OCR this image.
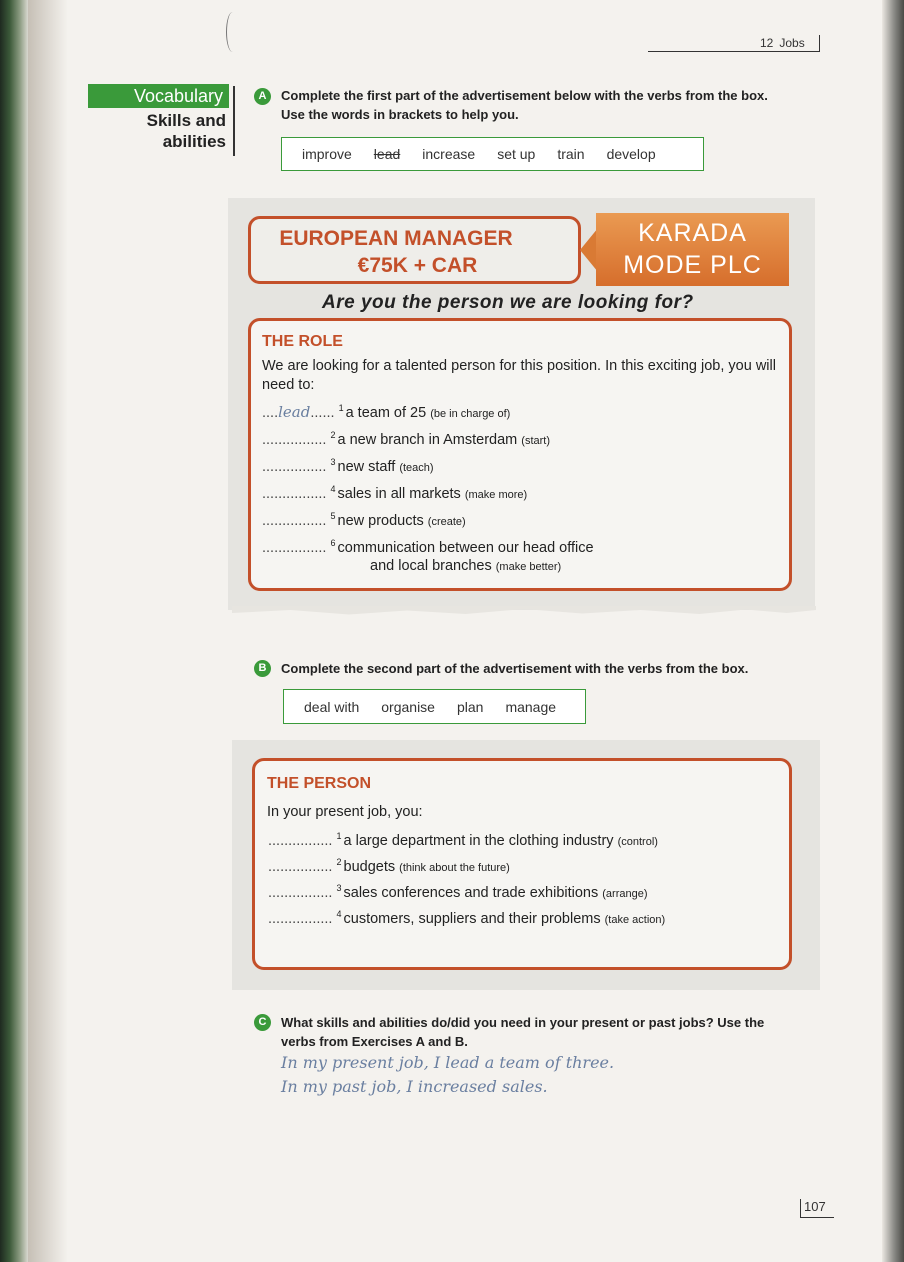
12 Jobs
Vocabulary
Skills and
abilities
A	Complete the first part of the advertisement below with the verbs from the box. Use the words in brackets to help you.
improve lead increase set up train develop
EUROPEAN MANAGER
€75K + CAR
KARADA
MODE PLC
Are you the person we are looking for?
THE ROLE
We are looking for a talented person for this position. In this exciting job, you will need to:
....lead...... $^1$ a team of 25 (be in charge of)
................ $^2$ a new branch in Amsterdam (start)
................ $^3$ new staff (teach)
................ $^4$ sales in all markets (make more)
................ $^5$ new products (create)
................ $^6$ communication between our head office
and local branches (make better)
B	Complete the second part of the advertisement with the verbs from the box.
deal with organise plan manage
THE PERSON
In your present job, you:
................ $^1$ a large department in the clothing industry (control)
................ $^2$ budgets (think about the future)
................ $^3$ sales conferences and trade exhibitions (arrange)
................ $^4$ customers, suppliers and their problems (take action)
C	What skills and abilities do/did you need in your present or past jobs? Use the verbs from Exercises A and B.
In my present job, I lead a team of three.
In my past job, I increased sales.
107
